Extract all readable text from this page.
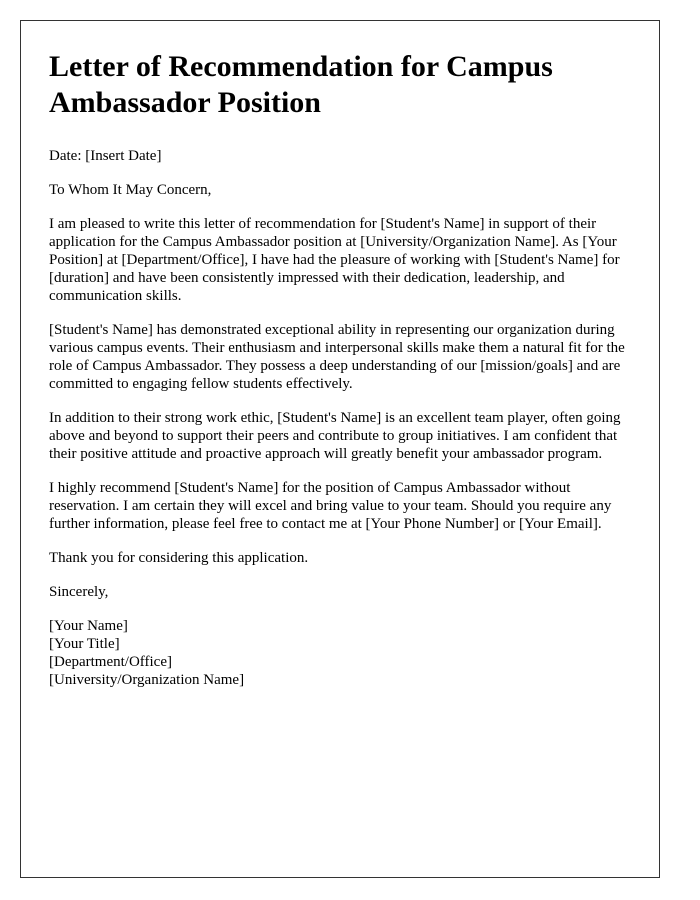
Letter of Recommendation for Campus Ambassador Position

Date: [Insert Date]

To Whom It May Concern,

I am pleased to write this letter of recommendation for [Student's Name] in support of their application for the Campus Ambassador position at [University/Organization Name]. As [Your Position] at [Department/Office], I have had the pleasure of working with [Student's Name] for [duration] and have been consistently impressed with their dedication, leadership, and communication skills.

[Student's Name] has demonstrated exceptional ability in representing our organization during various campus events. Their enthusiasm and interpersonal skills make them a natural fit for the role of Campus Ambassador. They possess a deep understanding of our [mission/goals] and are committed to engaging fellow students effectively.

In addition to their strong work ethic, [Student's Name] is an excellent team player, often going above and beyond to support their peers and contribute to group initiatives. I am confident that their positive attitude and proactive approach will greatly benefit your ambassador program.

I highly recommend [Student's Name] for the position of Campus Ambassador without reservation. I am certain they will excel and bring value to your team. Should you require any further information, please feel free to contact me at [Your Phone Number] or [Your Email].

Thank you for considering this application.

Sincerely,

[Your Name]
[Your Title]
[Department/Office]
[University/Organization Name]
